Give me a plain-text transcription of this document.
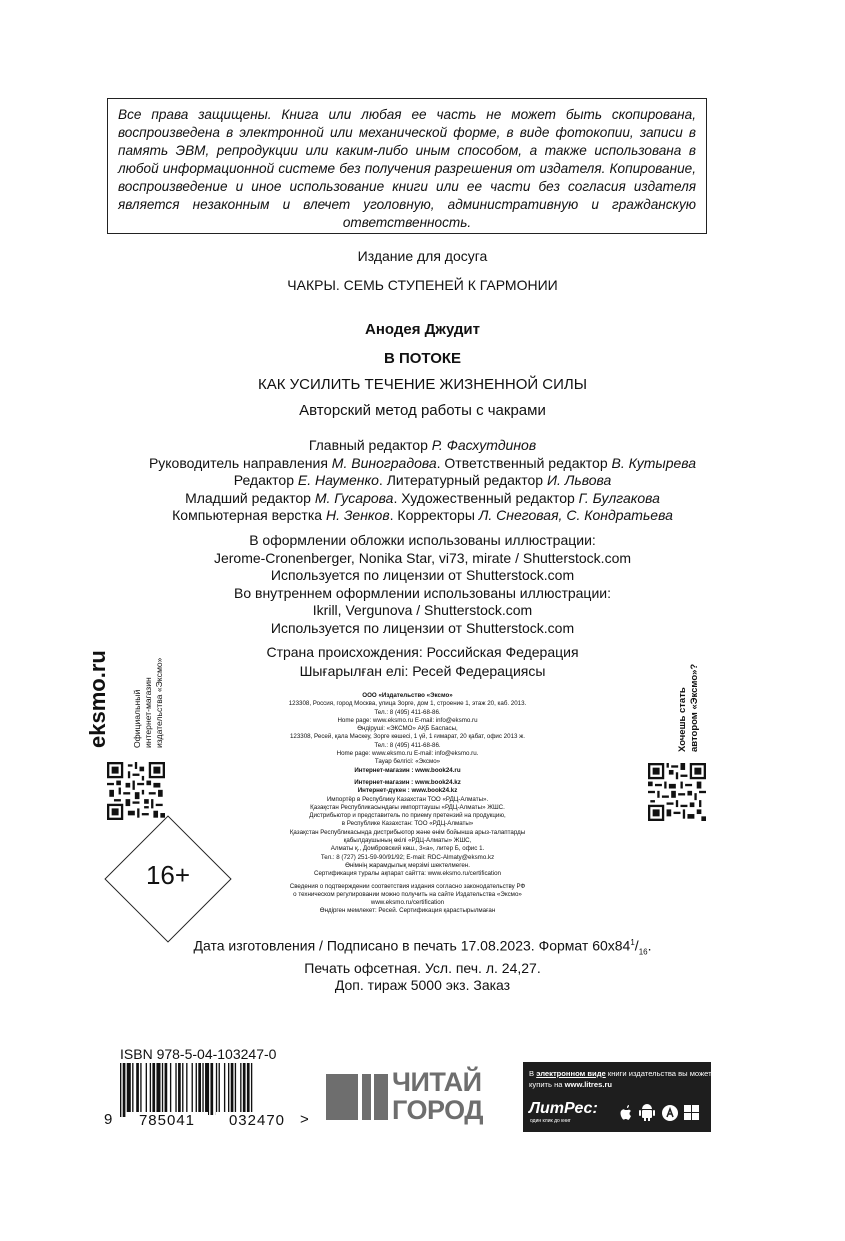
Все права защищены. Книга или любая ее часть не может быть скопирована, воспроизведена в электронной или механической форме, в виде фотокопии, записи в память ЭВМ, репродукции или каким-либо иным способом, а также использована в любой информационной системе без получения разрешения от издателя. Копирование, воспроизведение и иное использование книги или ее части без согласия издателя является незаконным и влечет уголовную, административную и гражданскую ответственность.
Издание для досуга
ЧАКРЫ. СЕМЬ СТУПЕНЕЙ К ГАРМОНИИ
Анодея Джудит
В ПОТОКЕ
КАК УСИЛИТЬ ТЕЧЕНИЕ ЖИЗНЕННОЙ СИЛЫ
Авторский метод работы с чакрами
Главный редактор Р. Фасхутдинов
Руководитель направления М. Виноградова. Ответственный редактор В. Кутырева
Редактор Е. Науменко. Литературный редактор И. Львова
Младший редактор М. Гусарова. Художественный редактор Г. Булгакова
Компьютерная верстка Н. Зенков. Корректоры Л. Снеговая, С. Кондратьева
В оформлении обложки использованы иллюстрации:
Jerome-Cronenberger, Nonika Star, vi73, mirate / Shutterstock.com
Используется по лицензии от Shutterstock.com
Во внутреннем оформлении использованы иллюстрации:
Ikrill, Vergunova / Shutterstock.com
Используется по лицензии от Shutterstock.com
Страна происхождения: Российская Федерация
Шығарылған елі: Ресей Федерациясы
ООО «Издательство «Эксмо»
123308, Россия, город Москва, улица Зорге, дом 1, строение 1, этаж 20, каб. 2013.
Тел.: 8 (495) 411-68-86.
Home page: www.eksmo.ru E-mail: info@eksmo.ru
Өндіруші: «ЭКСМО» АҚБ Баспасы,
123308, Ресей, қала Мәскеу, Зорге көшесі, 1 үй, 1 ғимарат, 20 қабат, офис 2013 ж.
Тел.: 8 (495) 411-68-86.
Home page: www.eksmo.ru E-mail: info@eksmo.ru.
Тауар белгісі: «Эксмо»
Интернет-магазин : www.book24.ru
Интернет-магазин : www.book24.kz
Интернет-дүкен : www.book24.kz
Импортёр в Республику Казахстан ТОО «РДЦ-Алматы».
Қазақстан Республикасындағы импорттаушы «РДЦ-Алматы» ЖШС.
Дистрибьютор и представитель по приему претензий на продукцию,
в Республике Казахстан: ТОО «РДЦ-Алматы»
Қазақстан Республикасында дистрибьютор және өнім бойынша арыз-талаптарды
қабылдаушының өкілі «РДЦ-Алматы» ЖШС,
Алматы қ., Домбровский көш., 3«а», литер Б, офис 1.
Тел.: 8 (727) 251-59-90/91/92; E-mail: RDC-Almaty@eksmo.kz
Өнімнің жарамдылық мерзімі шектелмеген.
Сертификация туралы ақпарат сайтта: www.eksmo.ru/certification
Сведения о подтверждении соответствия издания согласно законодательству РФ
о техническом регулировании можно получить на сайте Издательства «Эксмо»
www.eksmo.ru/certification
Өндірген мемлекет: Ресей. Сертификация қарастырылмаған
Дата изготовления / Подписано в печать 17.08.2023. Формат $60x84^1/_{16}$.
Печать офсетная. Усл. печ. л. 24,27.
Доп. тираж 5000 экз. Заказ
eksmo.ru	Официальный интернет-магазин издательства «Эксмо»	Хочешь стать автором «Эксмо»?
16+
ISBN 978-5-04-103247-0
9	785041	032470 >
ЧИТАЙ
ГОРОД
В электронном виде книги издательства вы можете
купить на www.litres.ru
ЛитРес:
один клик до книг
